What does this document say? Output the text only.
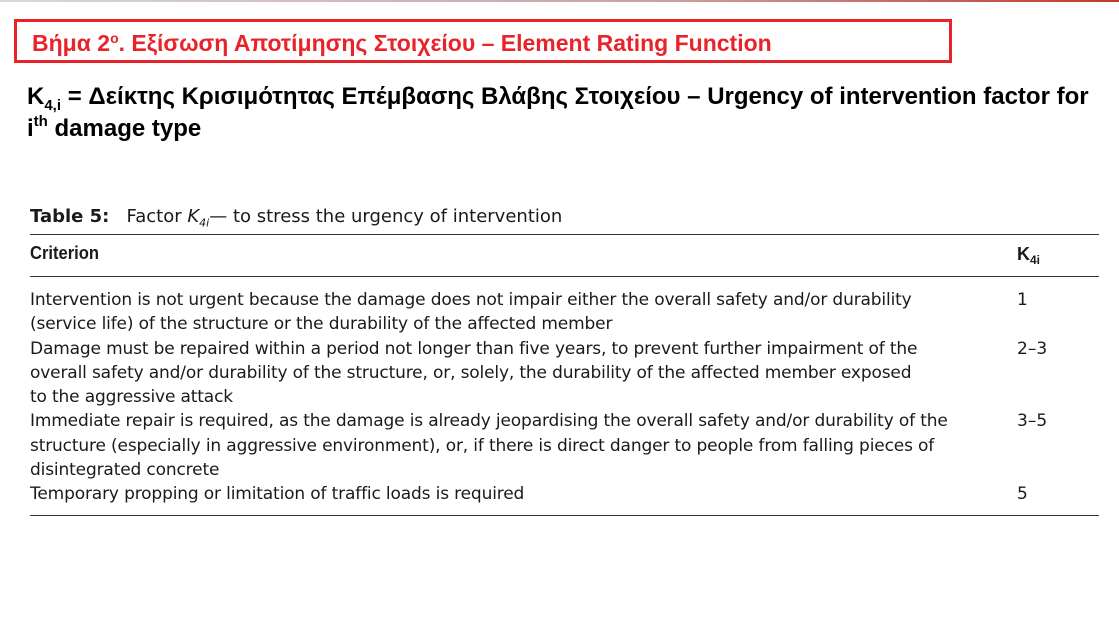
Βήμα $2^o$. Εξίσωση Αποτίμησης Στοιχείου – Element Rating Function
$K_{4,i} = \Delta\varepsilon ί\kappa\tau\eta\varsigma$ Κρισιμότητας Επέμβασης Βλάβης Στοιχείου – Urgency of intervention factor for $i^{th}$ damage type
Table 5: Factor $K_{4i}—$ to stress the urgency of intervention
Criterion	$K_{4i}$
Intervention is not urgent because the damage does not impair either the overall safety and/or durability
(service life) of the structure or the durability of the affected member
1
Damage must be repaired within a period not longer than five years, to prevent further impairment of the
overall safety and/or durability of the structure, or, solely, the durability of the affected member exposed
to the aggressive attack
2–3
Immediate repair is required, as the damage is already jeopardising the overall safety and/or durability of the
structure (especially in aggressive environment), or, if there is direct danger to people from falling pieces of
disintegrated concrete
3–5
Temporary propping or limitation of traffic loads is required	5
